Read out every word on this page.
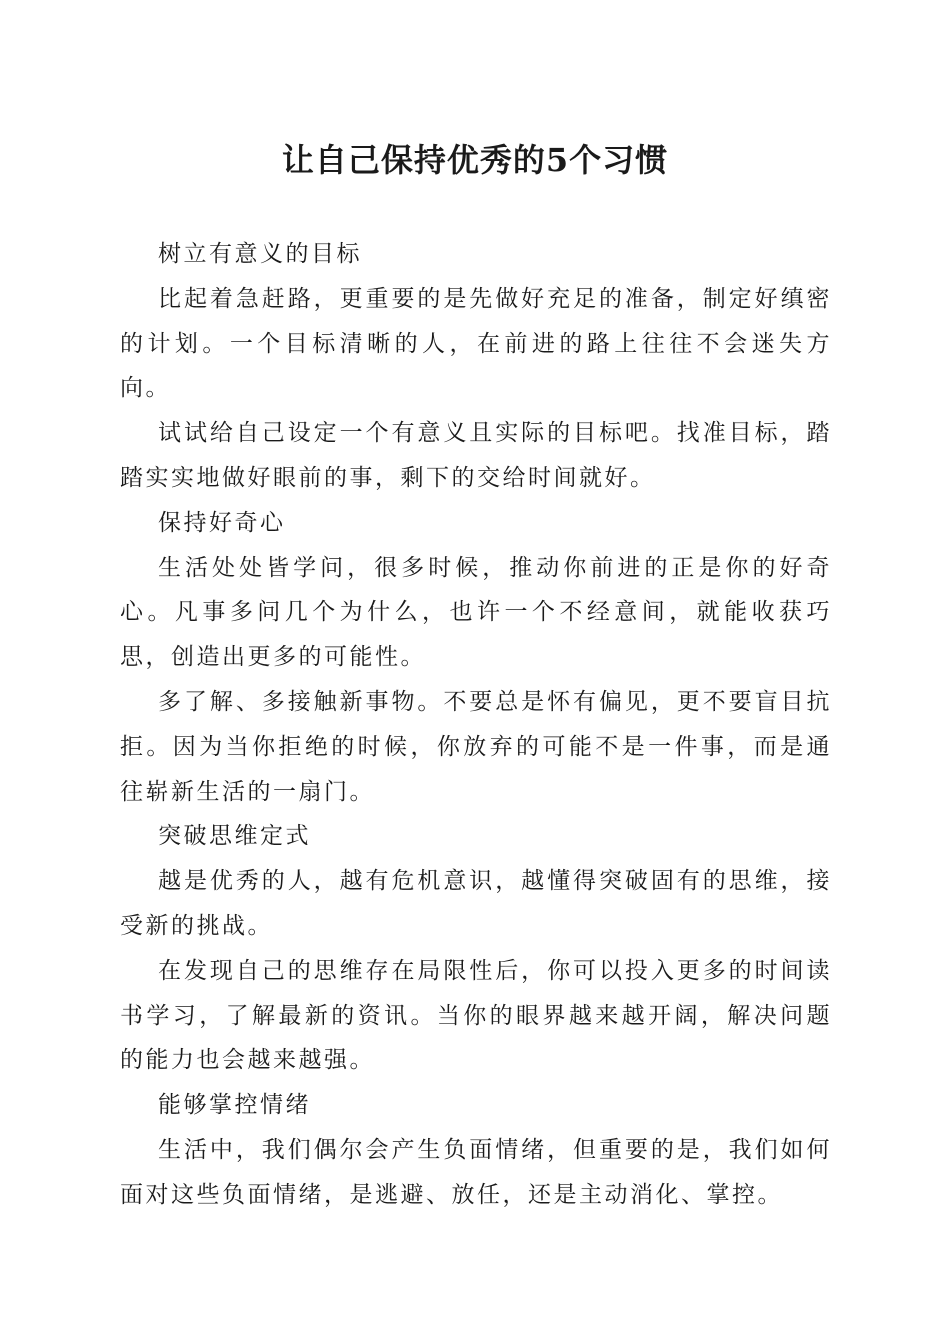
让自己保持优秀的5个习惯

树立有意义的目标

比起着急赶路，更重要的是先做好充足的准备，制定好缜密的计划。一个目标清晰的人，在前进的路上往往不会迷失方向。

试试给自己设定一个有意义且实际的目标吧。找准目标，踏踏实实地做好眼前的事，剩下的交给时间就好。

保持好奇心

生活处处皆学问，很多时候，推动你前进的正是你的好奇心。凡事多问几个为什么，也许一个不经意间，就能收获巧思，创造出更多的可能性。

多了解、多接触新事物。不要总是怀有偏见，更不要盲目抗拒。因为当你拒绝的时候，你放弃的可能不是一件事，而是通往崭新生活的一扇门。

突破思维定式

越是优秀的人，越有危机意识，越懂得突破固有的思维，接受新的挑战。

在发现自己的思维存在局限性后，你可以投入更多的时间读书学习，了解最新的资讯。当你的眼界越来越开阔，解决问题的能力也会越来越强。

能够掌控情绪

生活中，我们偶尔会产生负面情绪，但重要的是，我们如何面对这些负面情绪，是逃避、放任，还是主动消化、掌控。
